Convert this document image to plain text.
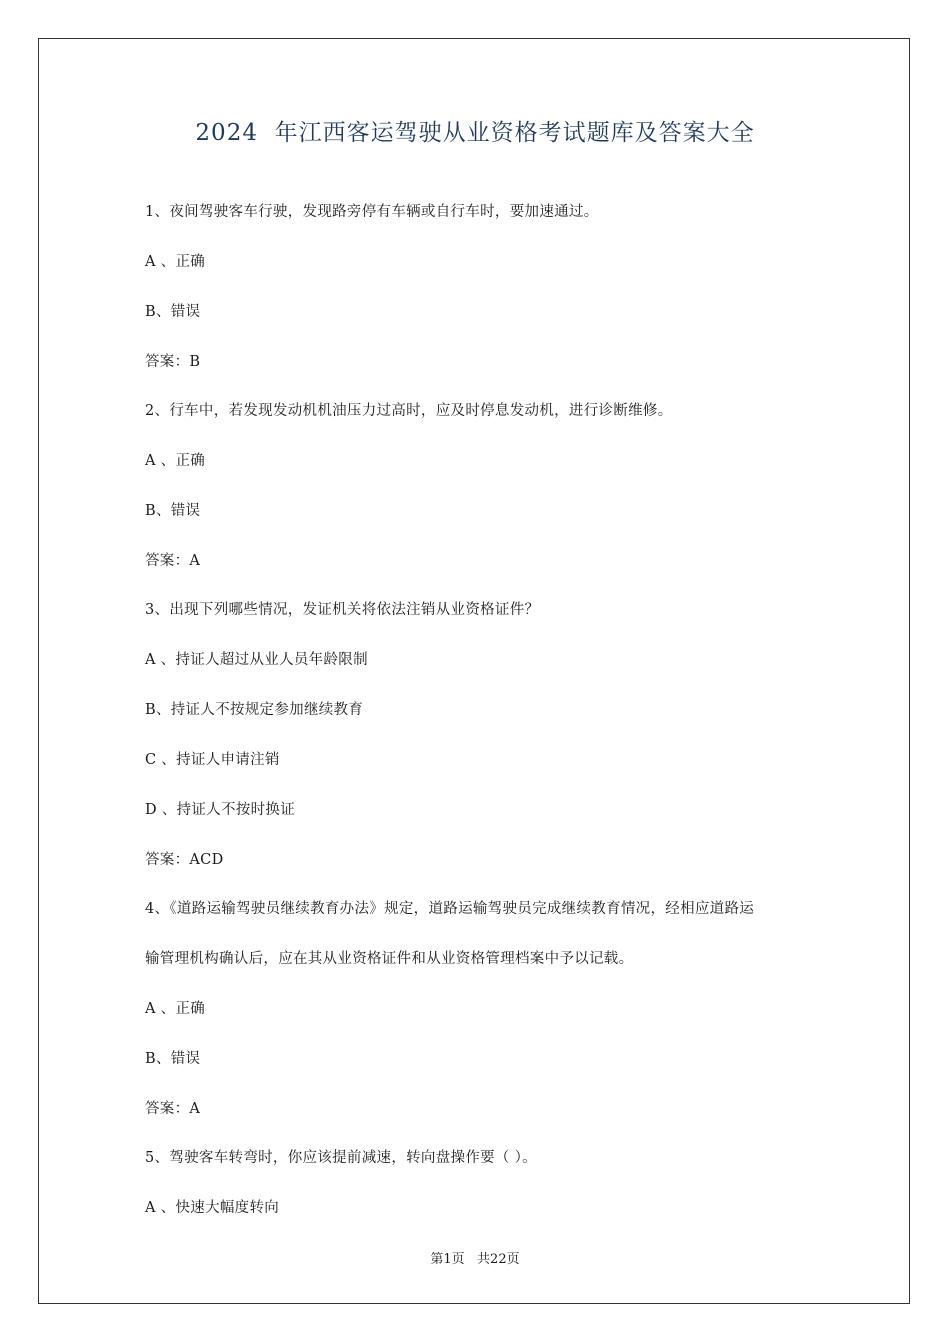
2024  年江西客运驾驶从业资格考试题库及答案大全
1、夜间驾驶客车行驶，发现路旁停有车辆或自行车时，要加速通过。
A 、正确
B、错误
答案：B
2、行车中，若发现发动机机油压力过高时，应及时停息发动机，进行诊断维修。
A 、正确
B、错误
答案：A
3、出现下列哪些情况，发证机关将依法注销从业资格证件？
A 、持证人超过从业人员年龄限制
B、持证人不按规定参加继续教育
C 、持证人申请注销
D 、持证人不按时换证
答案：ACD
4、《道路运输驾驶员继续教育办法》规定，道路运输驾驶员完成继续教育情况，经相应道路运
输管理机构确认后，应在其从业资格证件和从业资格管理档案中予以记载。
A 、正确
B、错误
答案：A
5、驾驶客车转弯时，你应该提前减速，转向盘操作要（ ）。
A 、快速大幅度转向
第1页   共22页
